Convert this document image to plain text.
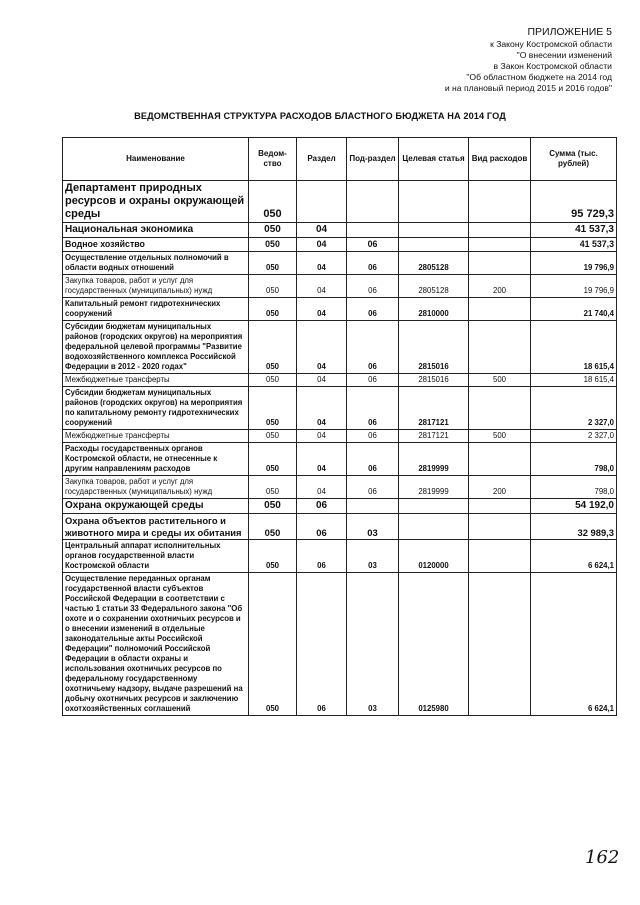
ПРИЛОЖЕНИЕ 5
к Закону Костромской области
"О внесении изменений
в Закон Костромской области
"Об областном бюджете на 2014 год
и на плановый период 2015 и 2016 годов"
ВЕДОМСТВЕННАЯ СТРУКТУРА РАСХОДОВ БЛАСТНОГО БЮДЖЕТА НА 2014 ГОД
Наименование	Ведом-ство	Раздел	Под-раздел	Целевая статья	Вид расходов	Сумма (тыс. рублей)
Департамент природных ресурсов и охраны окружающей среды	050					95 729,3
Национальная экономика	050	04				41 537,3
Водное хозяйство	050	04	06			41 537,3
Осуществление отдельных полномочий в области водных отношений	050	04	06	2805128		19 796,9
Закупка товаров, работ и услуг для государственных (муниципальных) нужд	050	04	06	2805128	200	19 796,9
Капитальный ремонт гидротехнических сооружений	050	04	06	2810000		21 740,4
Субсидии бюджетам муниципальных районов (городских округов) на мероприятия федеральной целевой программы "Развитие водохозяйственного комплекса Российской Федерации в 2012 - 2020 годах"	050	04	06	2815016		18 615,4
Межбюджетные трансферты	050	04	06	2815016	500	18 615,4
Субсидии бюджетам муниципальных районов (городских округов) на мероприятия по капитальному ремонту гидротехнических сооружений	050	04	06	2817121		2 327,0
Межбюджетные трансферты	050	04	06	2817121	500	2 327,0
Расходы государственных органов Костромской области, не отнесенные к другим направлениям расходов	050	04	06	2819999		798,0
Закупка товаров, работ и услуг для государственных (муниципальных) нужд	050	04	06	2819999	200	798,0
Охрана окружающей среды	050	06				54 192,0
Охрана объектов растительного и животного мира и среды их обитания	050	06	03			32 989,3
Центральный аппарат исполнительных органов государственной власти Костромской области	050	06	03	0120000		6 624,1
Осуществление переданных органам государственной власти субъектов Российской Федерации в соответствии с частью 1 статьи 33 Федерального закона "Об охоте и о сохранении охотничьих ресурсов и о внесении изменений в отдельные законодательные акты Российской Федерации" полномочий Российской Федерации в области охраны и использования охотничьих ресурсов по федеральному государственному охотничьему надзору, выдаче разрешений на добычу охотничьих ресурсов и заключению охотхозяйственных соглашений	050	06	03	0125980		6 624,1
162
